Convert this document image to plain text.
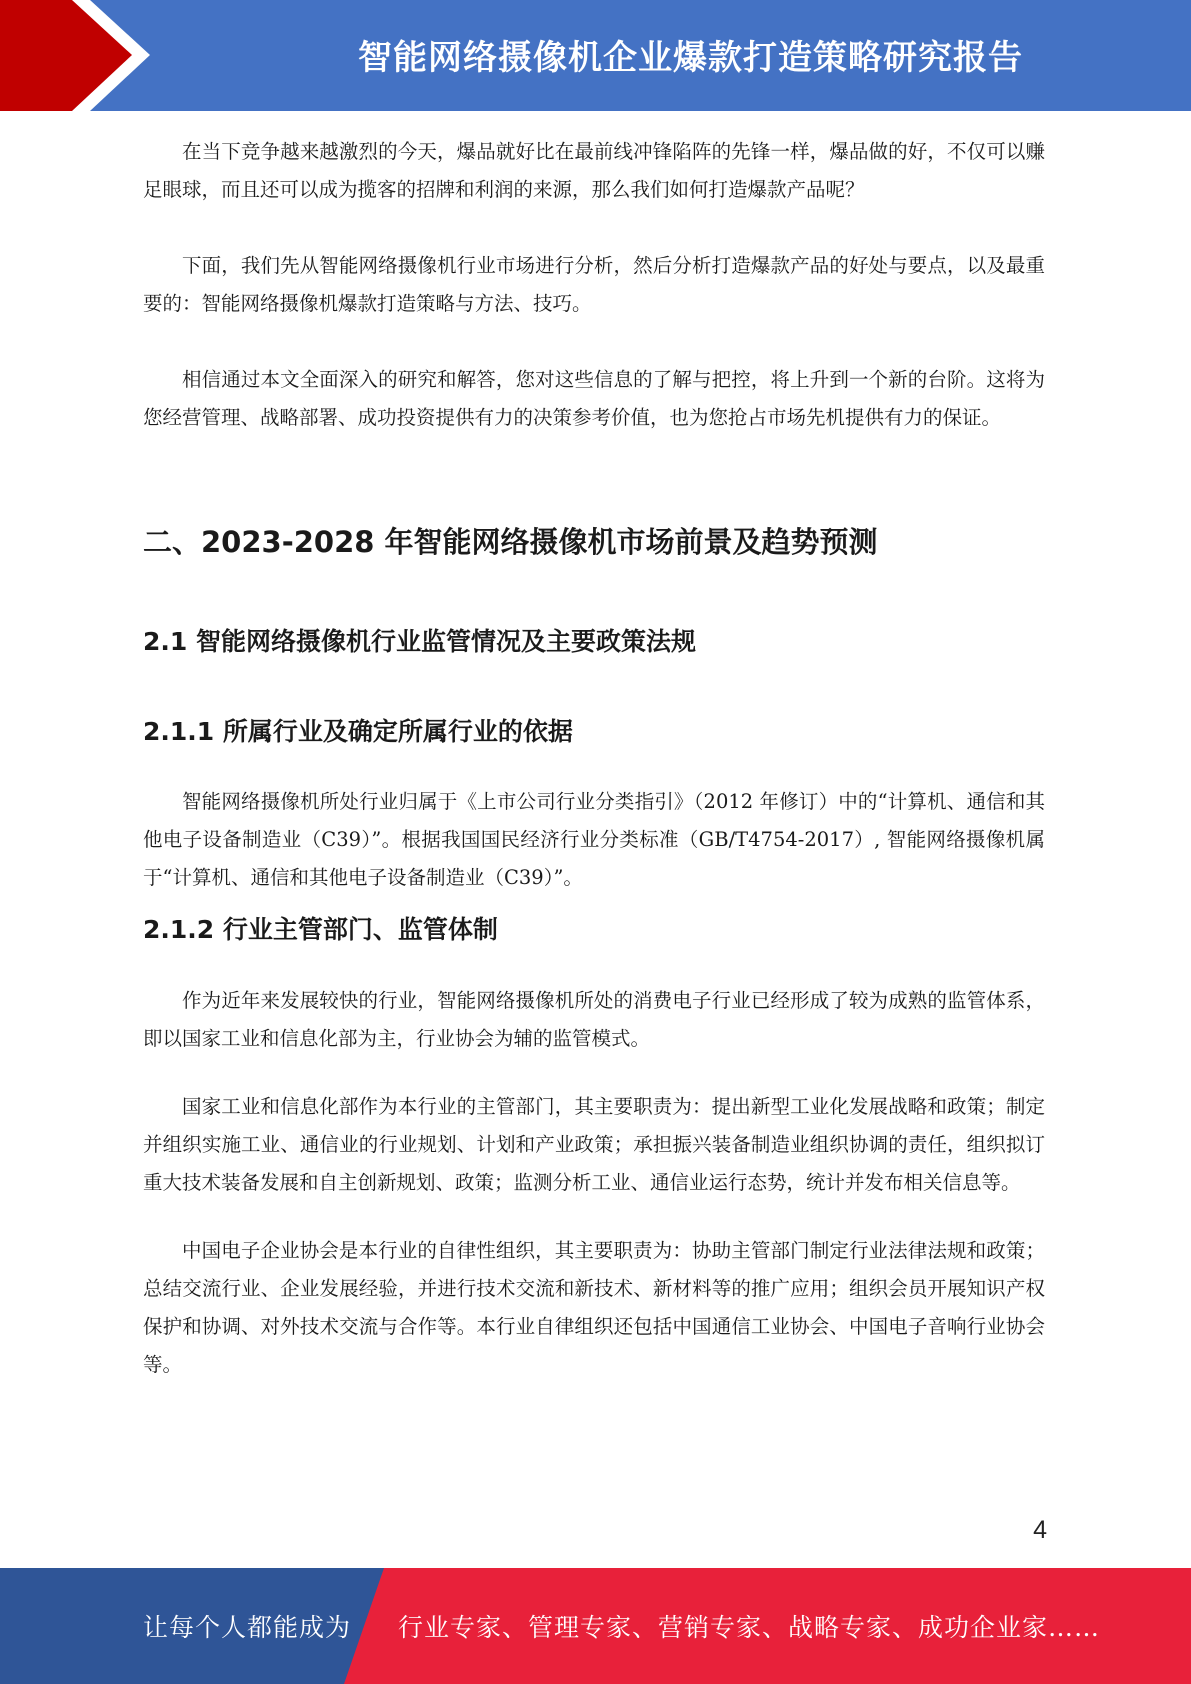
智能网络摄像机企业爆款打造策略研究报告

在当下竞争越来越激烈的今天，爆品就好比在最前线冲锋陷阵的先锋一样，爆品做的好，不仅可以赚足眼球，而且还可以成为揽客的招牌和利润的来源，那么我们如何打造爆款产品呢？

下面，我们先从智能网络摄像机行业市场进行分析，然后分析打造爆款产品的好处与要点，以及最重要的：智能网络摄像机爆款打造策略与方法、技巧。

相信通过本文全面深入的研究和解答，您对这些信息的了解与把控，将上升到一个新的台阶。这将为您经营管理、战略部署、成功投资提供有力的决策参考价值，也为您抢占市场先机提供有力的保证。

二、2023-2028 年智能网络摄像机市场前景及趋势预测
2.1 智能网络摄像机行业监管情况及主要政策法规
2.1.1 所属行业及确定所属行业的依据

智能网络摄像机所处行业归属于《上市公司行业分类指引》（2012 年修订）中的“计算机、通信和其他电子设备制造业（C39）”。根据我国国民经济行业分类标准（GB/T4754-2017）, 智能网络摄像机属于“计算机、通信和其他电子设备制造业（C39）”。

2.1.2 行业主管部门、监管体制

作为近年来发展较快的行业，智能网络摄像机所处的消费电子行业已经形成了较为成熟的监管体系，即以国家工业和信息化部为主，行业协会为辅的监管模式。

国家工业和信息化部作为本行业的主管部门，其主要职责为：提出新型工业化发展战略和政策；制定并组织实施工业、通信业的行业规划、计划和产业政策；承担振兴装备制造业组织协调的责任，组织拟订重大技术装备发展和自主创新规划、政策；监测分析工业、通信业运行态势，统计并发布相关信息等。

中国电子企业协会是本行业的自律性组织，其主要职责为：协助主管部门制定行业法律法规和政策；总结交流行业、企业发展经验，并进行技术交流和新技术、新材料等的推广应用；组织会员开展知识产权保护和协调、对外技术交流与合作等。本行业自律组织还包括中国通信工业协会、中国电子音响行业协会等。

4
让每个人都能成为 行业专家、管理专家、营销专家、战略专家、成功企业家……
